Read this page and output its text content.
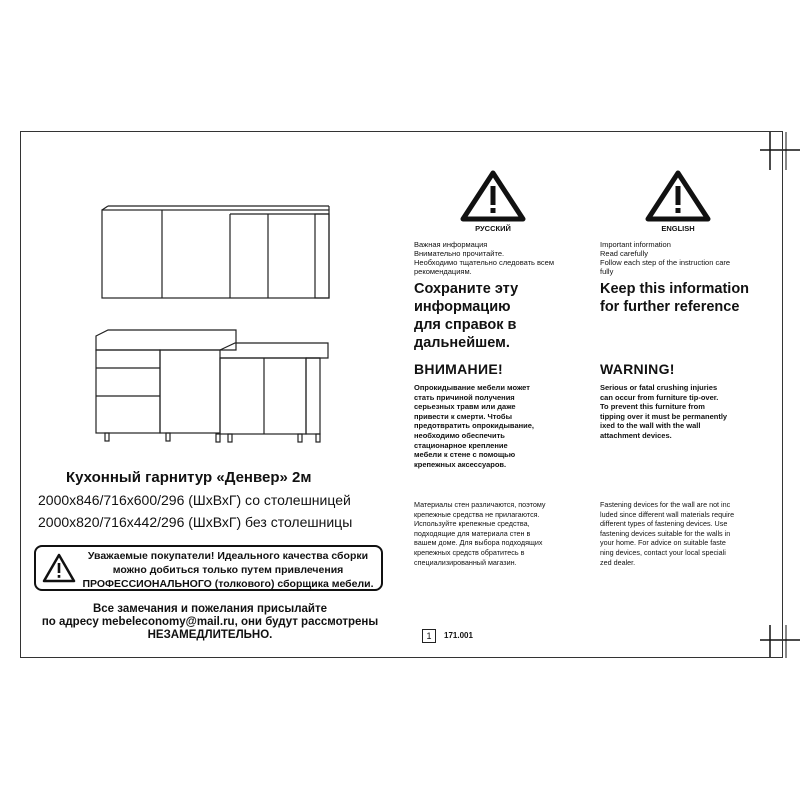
Кухонный гарнитур «Денвер» 2м
2000х846/716х600/296 (ШхВхГ) со столешницей
2000х820/716х442/296 (ШхВхГ) без столешницы
Уважаемые покупатели! Идеального качества сборки можно добиться только путем привлечения ПРОФЕССИОНАЛЬНОГО (толкового) сборщика мебели.
Все замечания и пожелания присылайте
по адресу mebeleconomy@mail.ru, они будут рассмотрены
НЕЗАМЕДЛИТЕЛЬНО.	1	171.001
РУССКИЙ
Важная информация
Внимательно прочитайте.
Необходимо тщательно следовать всем
рекомендациям.
Сохраните эту
информацию
для справок в
дальнейшем.
ВНИМАНИЕ!
Опрокидывание мебели может
стать причиной получения
серьезных травм или даже
привести к смерти. Чтобы
предотвратить опрокидывание,
необходимо обеспечить
стационарное крепление
мебели к стене с помощью
крепежных аксессуаров.
Материалы стен различаются, поэтому
крепежные средства не прилагаются.
Используйте крепежные средства,
подходящие для материала стен в
вашем доме. Для выбора подходящих
крепежных средств обратитесь в
специализированный магазин.
ENGLISH
Important information
Read carefully
Follow each step of the instruction care
fully
Keep this information
for further reference
WARNING!
Serious or fatal crushing injuries
can occur from furniture tip-over.
To prevent this furniture from
tipping over it must be permanently
ixed to the wall with the wall
attachment devices.
Fastening devices for the wall are not inc
luded since different wall materials require
different types of fastening devices. Use
fastening devices suitable for the walls in
your home. For advice on suitable faste
ning devices, contact your local speciali
zed dealer.
